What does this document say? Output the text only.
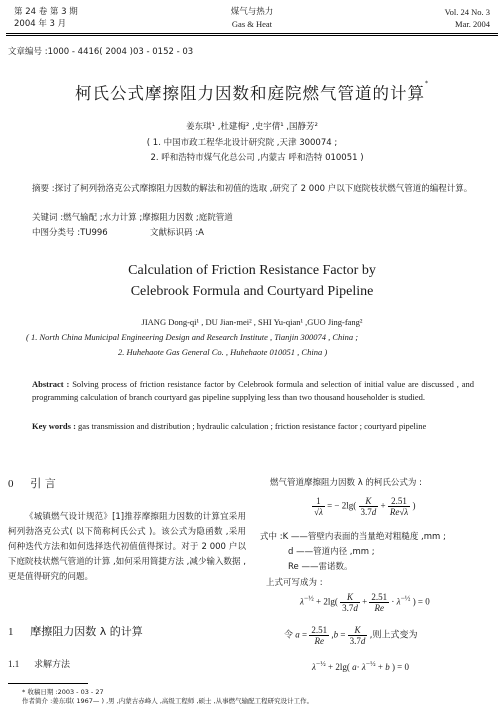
第 24 卷 第 3 期
2004 年 3 月
煤气与热力
Gas & Heat
Vol. 24 No. 3
Mar. 2004
文章编号 :1000 - 4416( 2004 )03 - 0152 - 03
柯氏公式摩擦阻力因数和庭院燃气管道的计算*
姜东琪¹ ,杜建梅² ,史宇倩¹ ,国静芳²
( 1. 中国市政工程华北设计研究院 ,天津 300074 ;
2. 呼和浩特市煤气化总公司 ,内蒙古 呼和浩特 010051 )
摘要 :探讨了柯列勃洛克公式摩擦阻力因数的解法和初值的选取 ,研究了 2 000 户以下庭院枝状燃气管道的编程计算。
关键词 :燃气输配 ;水力计算 ;摩擦阻力因数 ;庭院管道
中图分类号 :TU996	文献标识码 :A
Calculation of Friction Resistance Factor by
Celebrook Formula and Courtyard Pipeline
JIANG Dong-qi¹ , DU Jian-mei² , SHI Yu-qian¹ ,GUO Jing-fang²
( 1. North China Municipal Engineering Design and Research Institute , Tianjin 300074 , China ;
2. Huhehaote Gas General Co. , Huhehaote 010051 , China )
Abstract : Solving process of friction resistance factor by Celebrook formula and selection of initial value are discussed , and programming calculation of branch courtyard gas pipeline supplying less than two thousand householder is studied.
Key words : gas transmission and distribution ; hydraulic calculation ; friction resistance factor ; courtyard pipeline
0 引 言
《城镇燃气设计规范》[1]推荐摩擦阻力因数的计算宜采用柯列勃洛克公式( 以下简称柯氏公式 )。该公式为隐函数 ,采用何种迭代方法和如何选择迭代初值值得探讨。对于 2 000 户以下庭院枝状燃气管道的计算 ,如何采用简捷方法 ,减少输入数据 ,更是值得研究的问题。
1 摩擦阻力因数 λ 的计算
1.1 求解方法
燃气管道摩擦阻力因数 λ 的柯氏公式为 :
$\frac{1}{√\lambda}$ = − $2\lg( \frac{K}{3.7d} + \frac{2.51}{Re√\lambda}$ )
式中 :K ——管壁内表面的当量绝对粗糙度 ,mm ;
d ——管道内径 ,mm ;
Re ——雷诺数。
上式可写成为 :
$\lambda^{-\frac{1}{2}} + 2\lg( \frac{K}{3.7d} + \frac{2.51}{Re} \cdot \lambda^{-\frac{1}{2}}$ ) = 0
令 $a = \frac{2.51}{Re} ,b = \frac{K}{3.7d}$ ,则上式变为
$\lambda^{-\frac{1}{2}} + 2\lg$( $a\cdot \lambda^{-\frac{1}{2}} + b$ ) = 0
* 收稿日期 :2003 - 03 - 27
作者简介 :姜东琪( 1967— ) ,男 ,内蒙古赤峰人 ,高级工程师 ,硕士 ,从事燃气输配工程研究设计工作。
